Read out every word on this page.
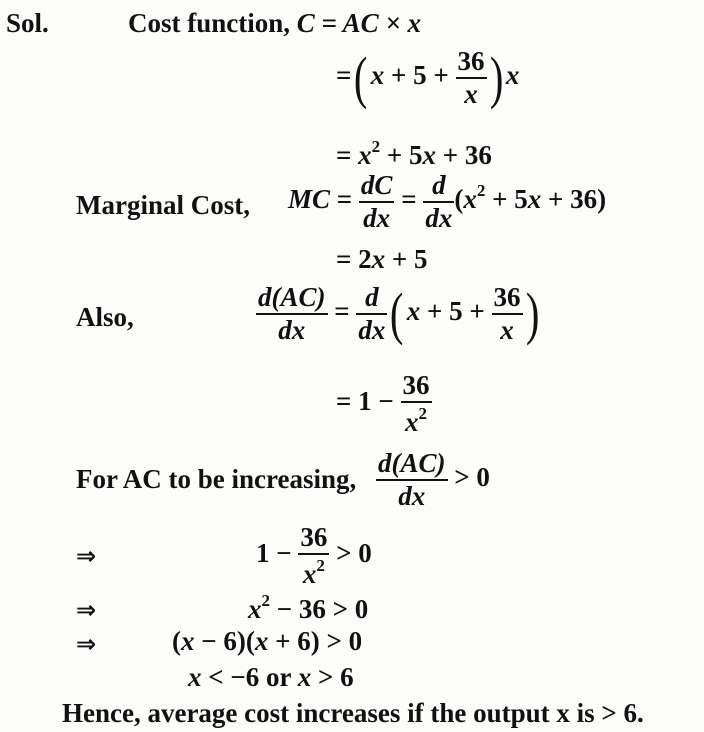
Sol.	Cost function, C = AC × x
=( $x + 5 + \frac{36}{x}$ ) x
= $x^2 + 5x + 36$
Marginal Cost, MC = $\frac{dC}{dx} = \frac{d}{dx} (x^2 + 5x + 36)$
= 2x + 5
Also,	$\frac{d(AC)}{dx} = \frac{d}{dx}$ ( $x + 5 + \frac{36}{x}$ )
= $1 - \frac{36}{x^2}$
For AC to be increasing, $\frac{d(AC)}{dx} > 0$
⇒	$1 - \frac{36}{x^2} > 0$
⇒	$x^2 - 36 > 0$
⇒	(x − 6)(x + 6) > 0
x < −6 or x > 6
Hence, average cost increases if the output x is > 6.
